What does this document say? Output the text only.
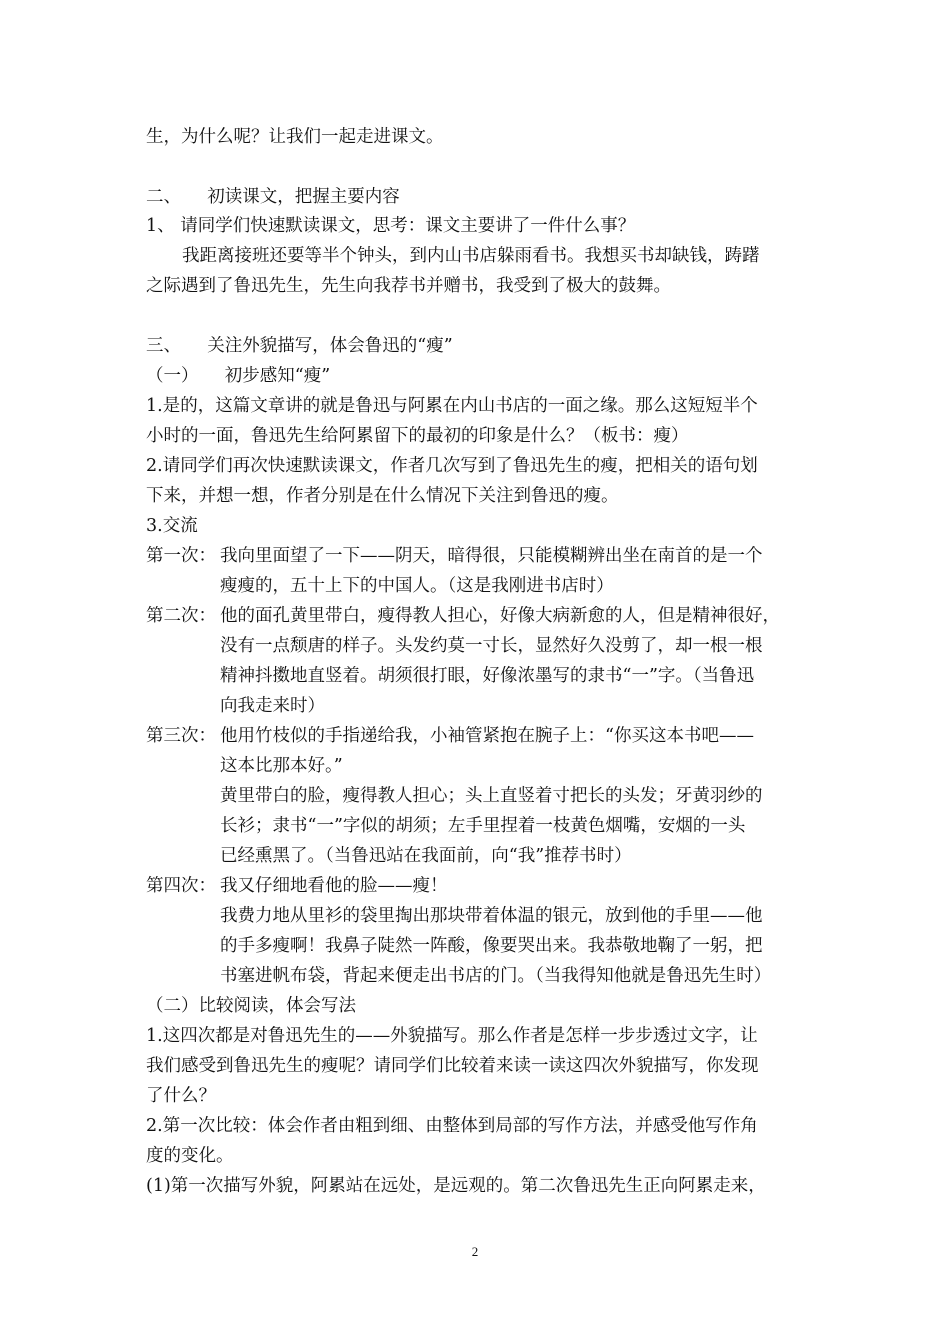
生，为什么呢？让我们一起走进课文。
二、　　初读课文，把握主要内容
1、 请同学们快速默读课文，思考：课文主要讲了一件什么事？
我距离接班还要等半个钟头，到内山书店躲雨看书。我想买书却缺钱，踌躇
之际遇到了鲁迅先生，先生向我荐书并赠书，我受到了极大的鼓舞。
三、　　关注外貌描写，体会鲁迅的“瘦”
（一）　　初步感知“瘦”
1.是的，这篇文章讲的就是鲁迅与阿累在内山书店的一面之缘。那么这短短半个
小时的一面，鲁迅先生给阿累留下的最初的印象是什么？（板书：瘦）
2.请同学们再次快速默读课文，作者几次写到了鲁迅先生的瘦，把相关的语句划
下来，并想一想，作者分别是在什么情况下关注到鲁迅的瘦。
3.交流
第一次： 我向里面望了一下——阴天，暗得很，只能模糊辨出坐在南首的是一个
瘦瘦的，五十上下的中国人。（这是我刚进书店时）
第二次： 他的面孔黄里带白，瘦得教人担心，好像大病新愈的人，但是精神很好，
没有一点颓唐的样子。头发约莫一寸长，显然好久没剪了，却一根一根
精神抖擞地直竖着。胡须很打眼，好像浓墨写的隶书“一”字。（当鲁迅
向我走来时）
第三次： 他用竹枝似的手指递给我，小袖管紧抱在腕子上：“你买这本书吧——
这本比那本好。”
黄里带白的脸，瘦得教人担心；头上直竖着寸把长的头发；牙黄羽纱的
长衫；隶书“一”字似的胡须；左手里捏着一枝黄色烟嘴，安烟的一头
已经熏黑了。（当鲁迅站在我面前，向“我”推荐书时）
第四次： 我又仔细地看他的脸——瘦！
我费力地从里衫的袋里掏出那块带着体温的银元，放到他的手里——他
的手多瘦啊！我鼻子陡然一阵酸，像要哭出来。我恭敬地鞠了一躬，把
书塞进帆布袋，背起来便走出书店的门。（当我得知他就是鲁迅先生时）
（二）比较阅读，体会写法
1.这四次都是对鲁迅先生的——外貌描写。那么作者是怎样一步步透过文字，让
我们感受到鲁迅先生的瘦呢？请同学们比较着来读一读这四次外貌描写，你发现
了什么？
2.第一次比较：体会作者由粗到细、由整体到局部的写作方法，并感受他写作角
度的变化。
(1)第一次描写外貌，阿累站在远处，是远观的。第二次鲁迅先生正向阿累走来，
2
